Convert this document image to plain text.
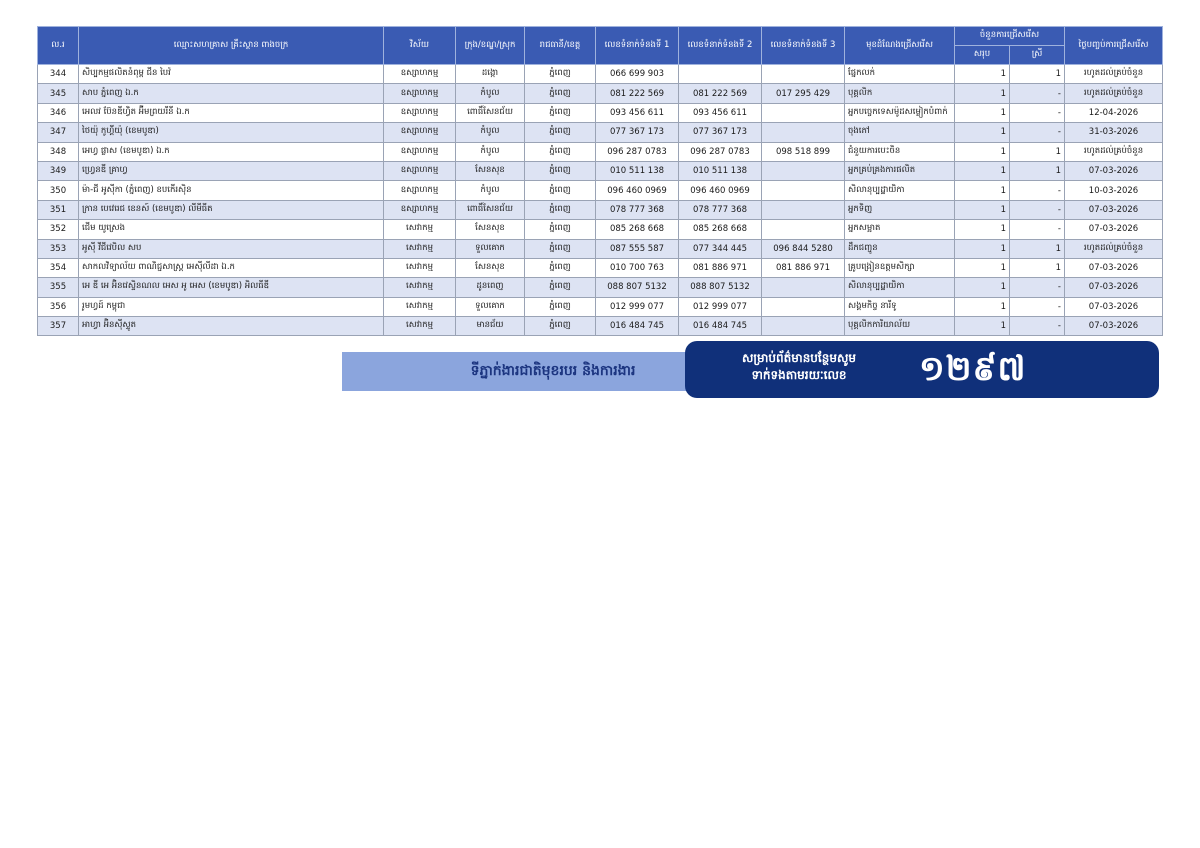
ល.រ	ឈ្មោះសហគ្រាស គ្រឹះស្ថាន ពាងចក្រ	វិស័យ	ក្រុង/ខណ្ឌ/ស្រុក	រាជធានី/ខេត្ត	លេខទំនាក់ទំនងទី 1	លេខទំនាក់ទំនងទី 2	លេខទំនាក់ទំនងទី 3	មុខដំណែងជ្រើសរើស	ចំនួនការជ្រើសរើស		ថ្ងៃបញ្ចប់ការជ្រើសរើស
									សរុប	ស្រី	
344	សិប្បកម្មផលិតនំពុម្ព ជីន បៃវ៉	ឧស្សាហកម្ម	ដង្កោ	ភ្នំពេញ	066 699 903			ផ្នែកលក់	1	1	រហូតដល់គ្រប់ចំនួន
345	សាប ភ្នំពេញ ឯ.ក	ឧស្សាហកម្ម	កំបូល	ភ្នំពេញ	081 222 569	081 222 569	017 295 429	បុគ្គលិក	1	-	រហូតដល់គ្រប់ចំនួន
346	អេលវ ប៊ែនឌីហ្វិត អ៊ីមព្រយរីនី ឯ.ក	ឧស្សាហកម្ម	ពោធិ៍សែនជ័យ	ភ្នំពេញ	093 456 611	093 456 611		អ្នកបច្ចេកទេសម៉ូដសម្លៀកបំពាក់	1	-	12-04-2026
347	ថៃយ៉ុ កូហ្គីយ៉ុ (ខេមបូឌា)	ឧស្សាហកម្ម	កំបូល	ភ្នំពេញ	077 367 173	077 367 173		ចុងភៅ	1	-	31-03-2026
348	អេហ្វ ផ្លាស (ខេមបូឌា) ឯ.ក	ឧស្សាហកម្ម	កំបូល	ភ្នំពេញ	096 287 0783	096 287 0783	098 518 899	ជំនួយការបេះចិន	1	1	រហូតដល់គ្រប់ចំនួន
349	ហ្វ្រេនឌី គ្រាហ្វ	ឧស្សាហកម្ម	សែនសុខ	ភ្នំពេញ	010 511 138	010 511 138		អ្នកគ្រប់គ្រងការផលិត	1	1	07-03-2026
350	ម៉ា-ជី អូស៊ីកា (ភ្នំពេញ) ខបកើរស៊ិន	ឧស្សាហកម្ម	កំបូល	ភ្នំពេញ	096 460 0969	096 460 0969		សិលានុប្បដ្ឋាយិកា	1	-	10-03-2026
351	ក្រាន បេវេរេជ ខេនស៍ (ខេមបូឌា) លីមីធីត	ឧស្សាហកម្ម	ពោធិ៍សែនជ័យ	ភ្នំពេញ	078 777 368	078 777 368		អ្នកទិញ	1	-	07-03-2026
352	ជើម យូស្រេង	សេវាកម្ម	សែនសុខ	ភ្នំពេញ	085 268 668	085 268 668		អ្នកសម្អាត	1	-	07-03-2026
353	អូស៊ី វីជីវេបិល សប	សេវាកម្ម	ទួលគោក	ភ្នំពេញ	087 555 587	077 344 445	096 844 5280	ដឹកជញ្ជូន	1	1	រហូតដល់គ្រប់ចំនួន
354	សាកលវិទ្យាល័យ ពាណិជ្ជសាស្ត្រ អេស៊ីលីដា ឯ.ក	សេវាកម្ម	សែនសុខ	ភ្នំពេញ	010 700 763	081 886 971	081 886 971	គ្រូបង្រៀនឧត្តមសិក្សា	1	1	07-03-2026
355	អេ ឌី អេ អ៊ិនវេស្ទិនណល អេស អូ អេស (ខេមបូឌា) អិលធីឌី	សេវាកម្ម	ដូនពេញ	ភ្នំពេញ	088 807 5132	088 807 5132		សិលានុប្បដ្ឋាយិកា	1	-	07-03-2026
356	រូមហ្វដ៍ កម្ពុជា	សេវាកម្ម	ទួលគោក	ភ្នំពេញ	012 999 077	012 999 077		សង្គមកិច្ច នារីទូ	1	-	07-03-2026
357	អាហ្វា អ៊ិនស៊ីស្ទូត	សេវាកម្ម	មានជ័យ	ភ្នំពេញ	016 484 745	016 484 745		បុគ្គលិកការិយាល័យ	1	-	07-03-2026
ទីភ្នាក់ងារជាតិមុខរបរ និងការងារ
សម្រាប់ព័ត៌មានបន្ថែមសូម
ទាក់ទងតាមរយៈលេខ	១២៩៧
